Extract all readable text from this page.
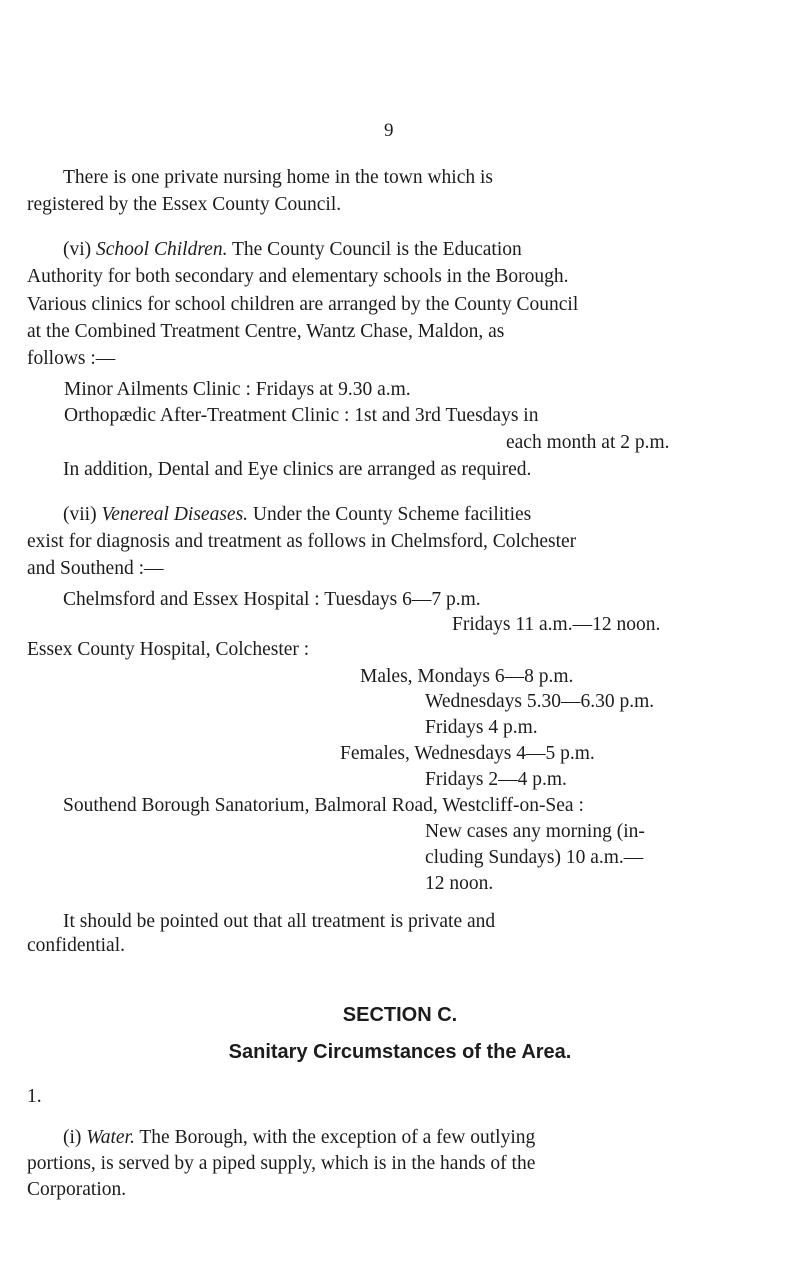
9
There is one private nursing home in the town which is
registered by the Essex County Council.
(vi) School Children. The County Council is the Education
Authority for both secondary and elementary schools in the Borough.
Various clinics for school children are arranged by the County Council
at the Combined Treatment Centre, Wantz Chase, Maldon, as
follows :—
Minor Ailments Clinic : Fridays at 9.30 a.m.
Orthopædic After-Treatment Clinic : 1st and 3rd Tuesdays in
each month at 2 p.m.
In addition, Dental and Eye clinics are arranged as required.
(vii) Venereal Diseases. Under the County Scheme facilities
exist for diagnosis and treatment as follows in Chelmsford, Colchester
and Southend :—
Chelmsford and Essex Hospital : Tuesdays 6—7 p.m.
Fridays 11 a.m.—12 noon.
Essex County Hospital, Colchester :
Males, Mondays 6—8 p.m.
Wednesdays 5.30—6.30 p.m.
Fridays 4 p.m.
Females, Wednesdays 4—5 p.m.
Fridays 2—4 p.m.
Southend Borough Sanatorium, Balmoral Road, Westcliff-on-Sea :
New cases any morning (in-
cluding Sundays) 10 a.m.—
12 noon.
It should be pointed out that all treatment is private and
confidential.
SECTION C.
Sanitary Circumstances of the Area.
1.
(i) Water. The Borough, with the exception of a few outlying
portions, is served by a piped supply, which is in the hands of the
Corporation.
